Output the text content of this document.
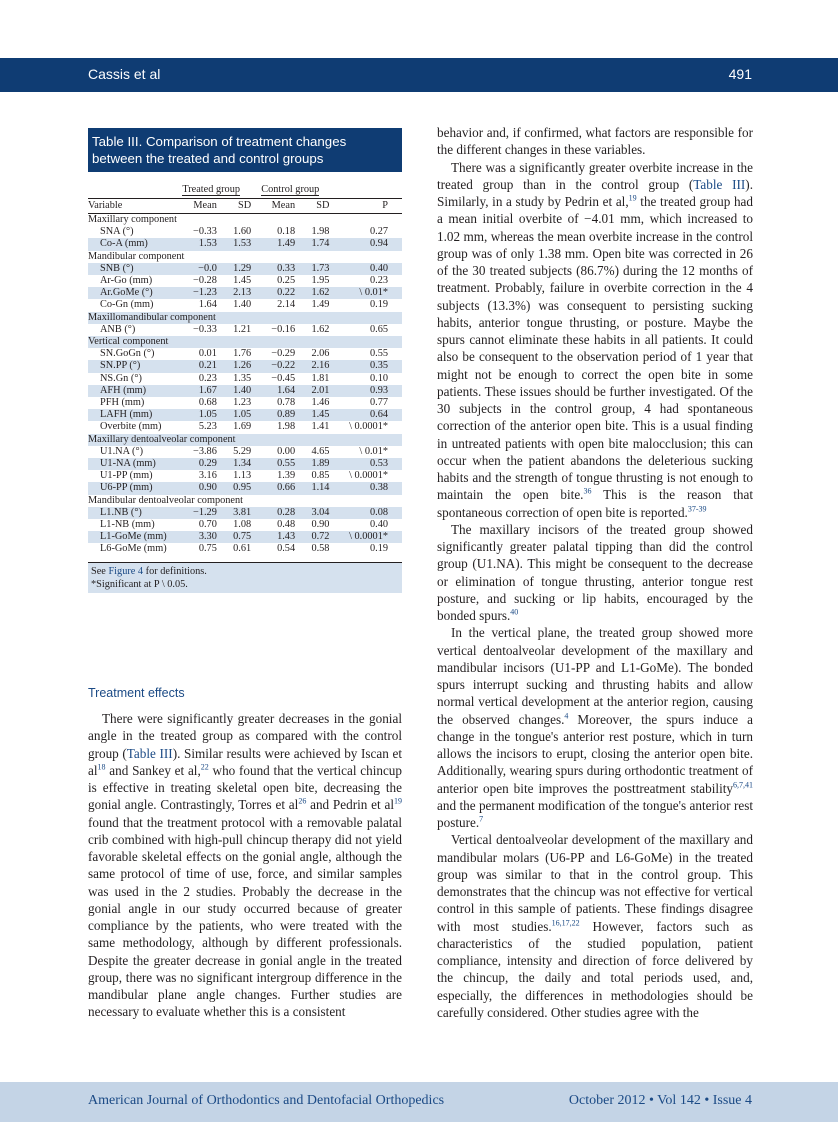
Cassis et al	491
Table III. Comparison of treatment changes between the treated and control groups
	Treated group		Control group		
Variable	Mean	SD	Mean	SD	P
Maxillary component					
SNA (°)	−0.33	1.60	0.18	1.98	0.27
Co-A (mm)	1.53	1.53	1.49	1.74	0.94
Mandibular component					
SNB (°)	−0.0	1.29	0.33	1.73	0.40
Ar-Go (mm)	−0.28	1.45	0.25	1.95	0.23
Ar.GoMe (°)	−1.23	2.13	0.22	1.62	\ 0.01*
Co-Gn (mm)	1.64	1.40	2.14	1.49	0.19
Maxillomandibular component					
ANB (°)	−0.33	1.21	−0.16	1.62	0.65
Vertical component					
SN.GoGn (°)	0.01	1.76	−0.29	2.06	0.55
SN.PP (°)	0.21	1.26	−0.22	2.16	0.35
NS.Gn (°)	0.23	1.35	−0.45	1.81	0.10
AFH (mm)	1.67	1.40	1.64	2.01	0.93
PFH (mm)	0.68	1.23	0.78	1.46	0.77
LAFH (mm)	1.05	1.05	0.89	1.45	0.64
Overbite (mm)	5.23	1.69	1.98	1.41	\ 0.0001*
Maxillary dentoalveolar component					
U1.NA (°)	−3.86	5.29	0.00	4.65	\ 0.01*
U1-NA (mm)	0.29	1.34	0.55	1.89	0.53
U1-PP (mm)	3.16	1.13	1.39	0.85	\ 0.0001*
U6-PP (mm)	0.90	0.95	0.66	1.14	0.38
Mandibular dentoalveolar component					
L1.NB (°)	−1.29	3.81	0.28	3.04	0.08
L1-NB (mm)	0.70	1.08	0.48	0.90	0.40
L1-GoMe (mm)	3.30	0.75	1.43	0.72	\ 0.0001*
L6-GoMe (mm)	0.75	0.61	0.54	0.58	0.19
See Figure 4 for definitions.
*Significant at P \ 0.05.
Treatment effects

There were significantly greater decreases in the gonial angle in the treated group as compared with the control group (Table III). Similar results were achieved by Iscan et $al^{18}$ and Sankey et al,$^{22}$ who found that the vertical chincup is effective in treating skeletal open bite, decreasing the gonial angle. Contrastingly, Torres et $al^{26}$ and Pedrin et $al^{19}$ found that the treatment protocol with a removable palatal crib combined with high-pull chincup therapy did not yield favorable skeletal effects on the gonial angle, although the same protocol of time of use, force, and similar samples was used in the 2 studies. Probably the decrease in the gonial angle in our study occurred because of greater compliance by the patients, who were treated with the same methodology, although by different professionals. Despite the greater decrease in gonial angle in the treated group, there was no significant intergroup difference in the mandibular plane angle changes. Further studies are necessary to evaluate whether this is a consistent

behavior and, if confirmed, what factors are responsible for the different changes in these variables.

There was a significantly greater overbite increase in the treated group than in the control group (Table III). Similarly, in a study by Pedrin et al,$^{19}$ the treated group had a mean initial overbite of −4.01 mm, which increased to 1.02 mm, whereas the mean overbite increase in the control group was of only 1.38 mm. Open bite was corrected in 26 of the 30 treated subjects (86.7%) during the 12 months of treatment. Probably, failure in overbite correction in the 4 subjects (13.3%) was consequent to persisting sucking habits, anterior tongue thrusting, or posture. Maybe the spurs cannot eliminate these habits in all patients. It could also be consequent to the observation period of 1 year that might not be enough to correct the open bite in some patients. These issues should be further investigated. Of the 30 subjects in the control group, 4 had spontaneous correction of the anterior open bite. This is a usual finding in untreated patients with open bite malocclusion; this can occur when the patient abandons the deleterious sucking habits and the strength of tongue thrusting is not enough to maintain the open bite.$^{36}$ This is the reason that spontaneous correction of open bite is reported.$^{37-39}$

The maxillary incisors of the treated group showed significantly greater palatal tipping than did the control group (U1.NA). This might be consequent to the decrease or elimination of tongue thrusting, anterior tongue rest posture, and sucking or lip habits, encouraged by the bonded spurs.$^{40}$

In the vertical plane, the treated group showed more vertical dentoalveolar development of the maxillary and mandibular incisors (U1-PP and L1-GoMe). The bonded spurs interrupt sucking and thrusting habits and allow normal vertical development at the anterior region, causing the observed changes.$^4$ Moreover, the spurs induce a change in the tongue's anterior rest posture, which in turn allows the incisors to erupt, closing the anterior open bite. Additionally, wearing spurs during orthodontic treatment of anterior open bite improves the posttreatment stability$^{6,7,41}$ and the permanent modification of the tongue's anterior rest posture.$^7$

Vertical dentoalveolar development of the maxillary and mandibular molars (U6-PP and L6-GoMe) in the treated group was similar to that in the control group. This demonstrates that the chincup was not effective for vertical control in this sample of patients. These findings disagree with most studies.$^{16,17,22}$ However, factors such as characteristics of the studied population, patient compliance, intensity and direction of force delivered by the chincup, the daily and total periods used, and, especially, the differences in methodologies should be carefully considered. Other studies agree with the

American Journal of Orthodontics and Dentofacial Orthopedics	October 2012 • Vol 142 • Issue 4
